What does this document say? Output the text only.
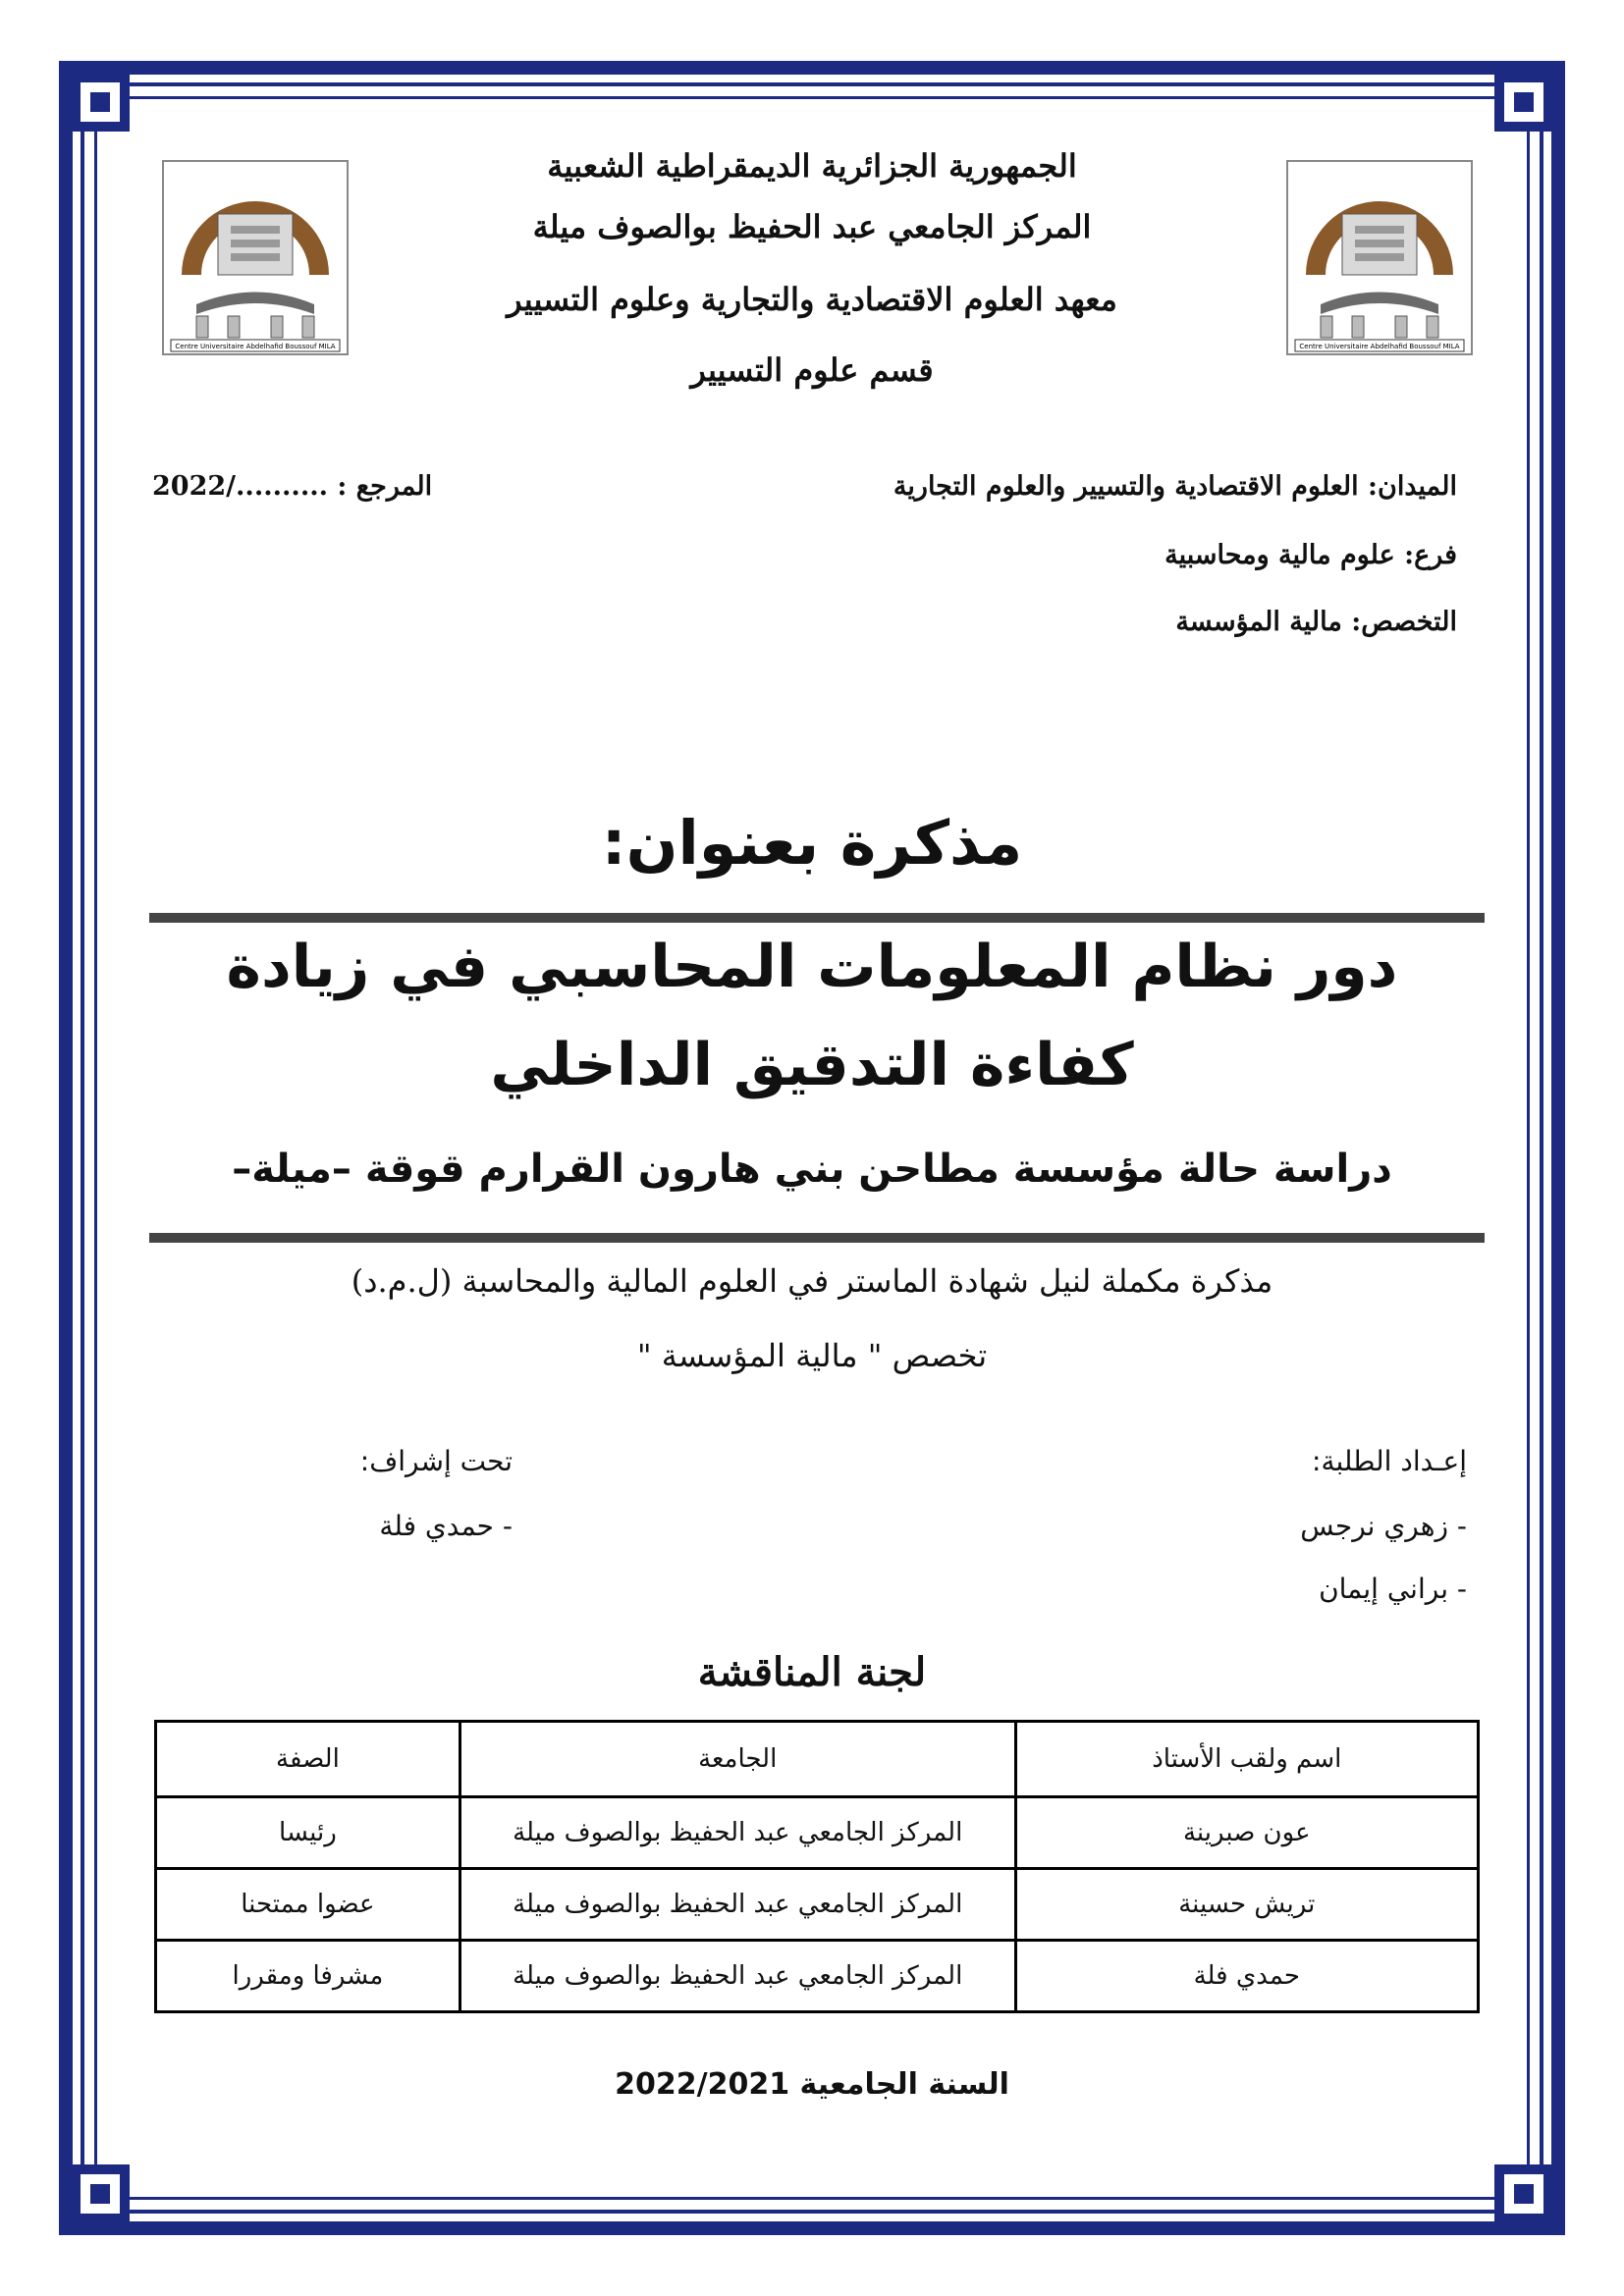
Centre Universitaire Abdelhafid Boussouf MILA
Centre Universitaire Abdelhafid Boussouf MILA
الجمهورية الجزائرية الديمقراطية الشعبية
المركز الجامعي عبد الحفيظ بوالصوف ميلة
معهد العلوم الاقتصادية والتجارية وعلوم التسيير
قسم علوم التسيير
الميدان: العلوم الاقتصادية والتسيير والعلوم التجارية
فرع: علوم مالية ومحاسبية
التخصص: مالية المؤسسة
المرجع : ........../2022
مذكرة بعنوان:
دور نظام المعلومات المحاسبي في زيادة
كفاءة التدقيق الداخلي
دراسة حالة مؤسسة مطاحن بني هارون القرارم قوقة –ميلة–
مذكرة مكملة لنيل شهادة الماستر في العلوم المالية والمحاسبة (ل.م.د)
تخصص " مالية المؤسسة "
إعـداد الطلبة:
- زهري نرجس
- براني إيمان
تحت إشراف:
- حمدي فلة
لجنة المناقشة
اسم ولقب الأستاذ	الجامعة	الصفة
عون صبرينة	المركز الجامعي عبد الحفيظ بوالصوف ميلة	رئيسا
تريش حسينة	المركز الجامعي عبد الحفيظ بوالصوف ميلة	عضوا ممتحنا
حمدي فلة	المركز الجامعي عبد الحفيظ بوالصوف ميلة	مشرفا ومقررا
السنة الجامعية 2022/2021
